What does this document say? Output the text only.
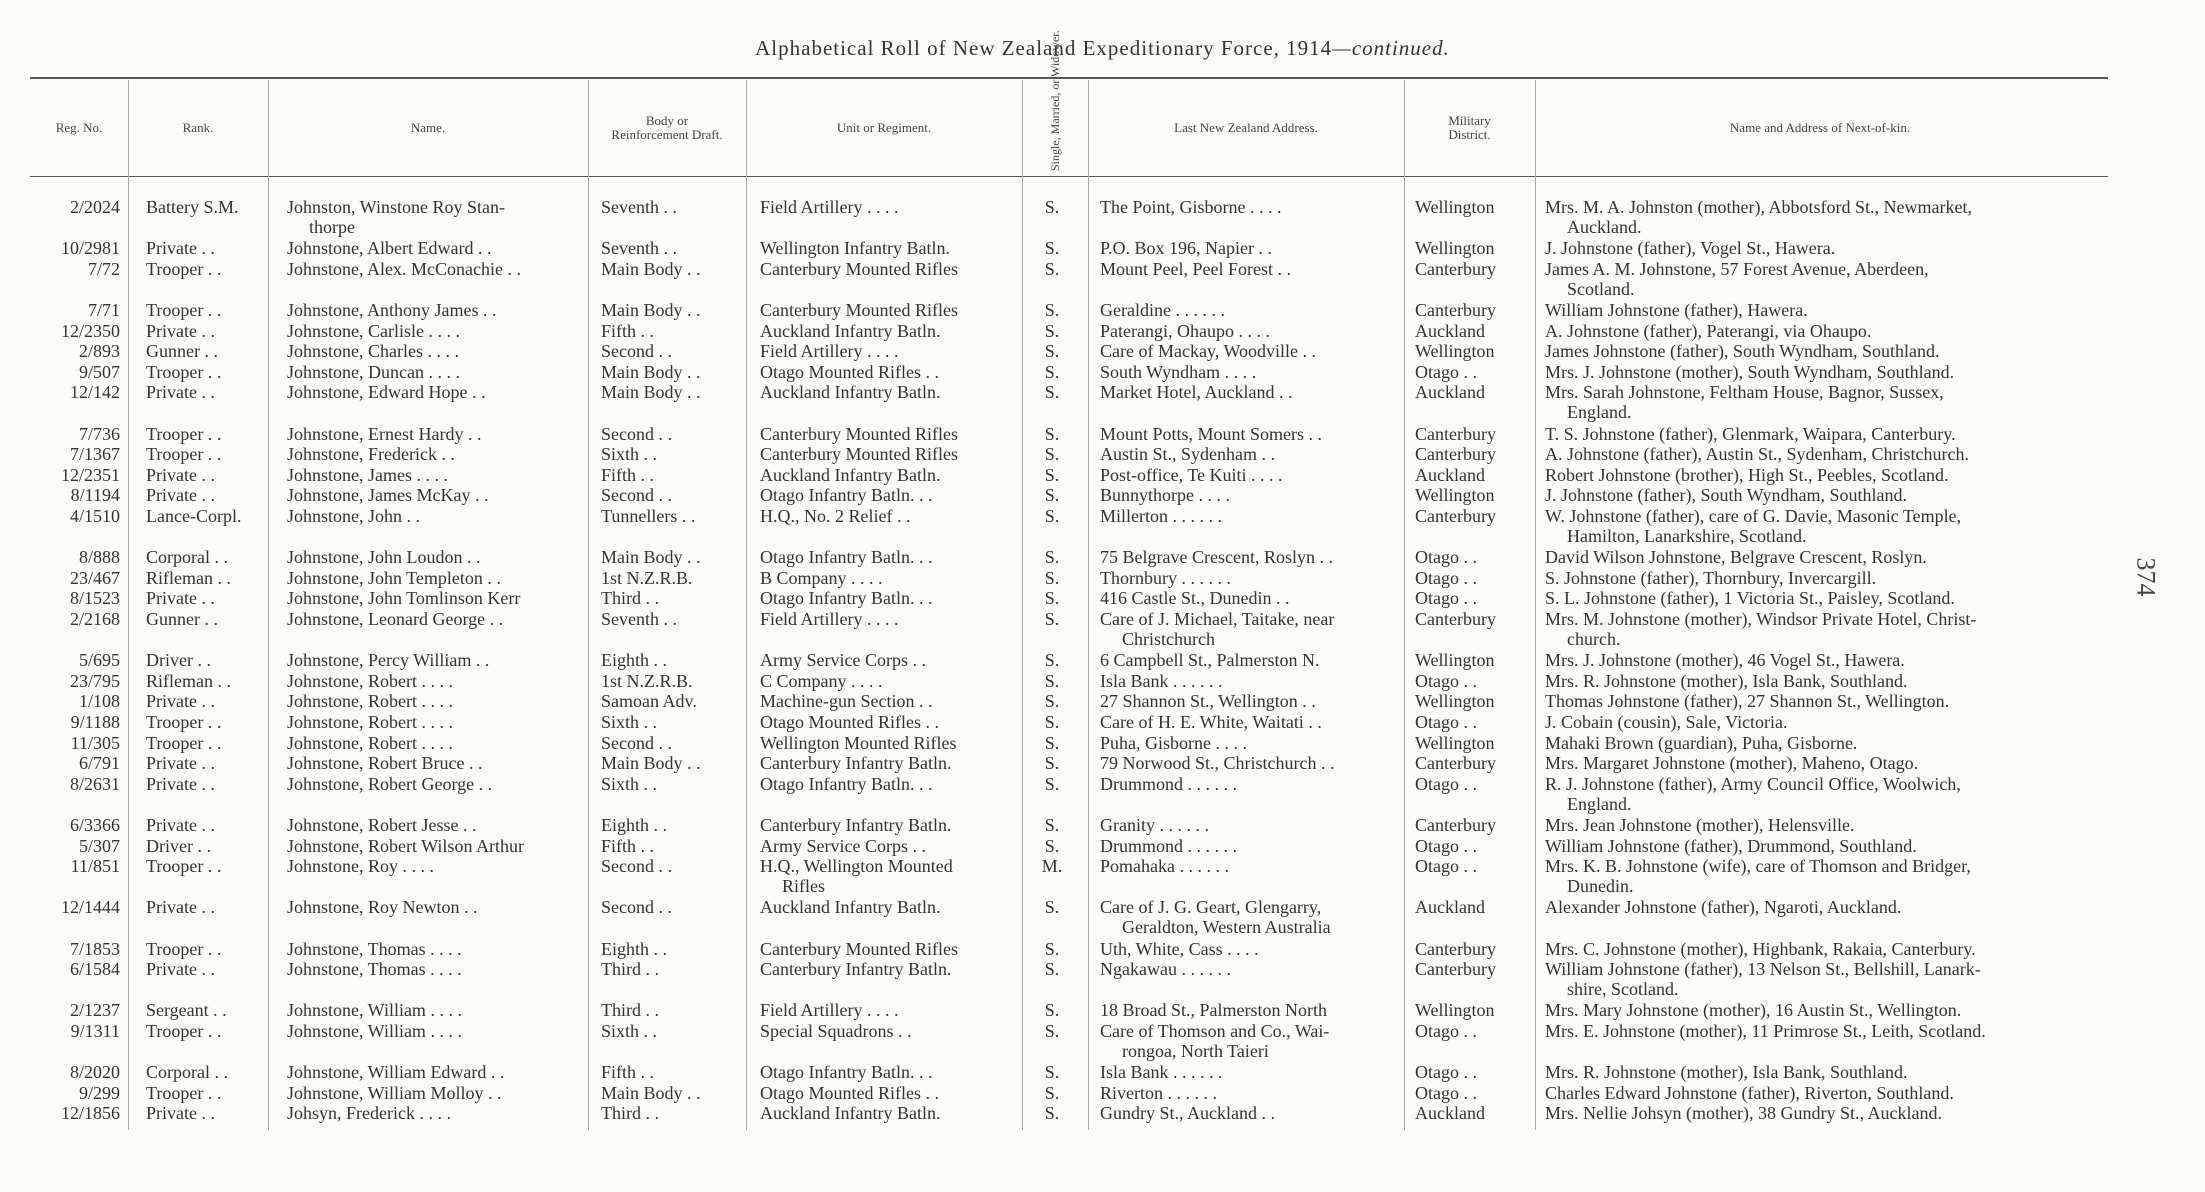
Alphabetical Roll of New Zealand Expeditionary Force, 1914—continued.
Reg. No.	Rank.	Name.	Body or Reinforcement Draft.	Unit or Regiment.	Single, Married, or Widower.	Last New Zealand Address.	Military District.	Name and Address of Next-of-kin.
2/2024 Battery S.M.	Johnston, Winstone Roy Stan-
thorpe
Seventh . .	Field Artillery . . . .	S.	The Point, Gisborne . . . .	Wellington	Mrs. M. A. Johnston (mother), Abbotsford St., Newmarket,
Auckland.
10/2981 Private . .	Johnstone, Albert Edward . .	Seventh . .	Wellington Infantry Batln.	S.	P.O. Box 196, Napier . .	Wellington	J. Johnstone (father), Vogel St., Hawera.
7/72 Trooper . .	Johnstone, Alex. McConachie . .	Main Body . .	Canterbury Mounted Rifles	S.	Mount Peel, Peel Forest . .	Canterbury	James A. M. Johnstone, 57 Forest Avenue, Aberdeen,
Scotland.
7/71 Trooper . .	Johnstone, Anthony James . .	Main Body . .	Canterbury Mounted Rifles	S.	Geraldine . . . . . .	Canterbury	William Johnstone (father), Hawera.
12/2350 Private . .	Johnstone, Carlisle . . . .	Fifth . .	Auckland Infantry Batln.	S.	Paterangi, Ohaupo . . . .	Auckland	A. Johnstone (father), Paterangi, via Ohaupo.
2/893 Gunner . .	Johnstone, Charles . . . .	Second . .	Field Artillery . . . .	S.	Care of Mackay, Woodville . .	Wellington	James Johnstone (father), South Wyndham, Southland.
9/507 Trooper . .	Johnstone, Duncan . . . .	Main Body . .	Otago Mounted Rifles . .	S.	South Wyndham . . . .	Otago . .	Mrs. J. Johnstone (mother), South Wyndham, Southland.
12/142 Private . .	Johnstone, Edward Hope . .	Main Body . .	Auckland Infantry Batln.	S.	Market Hotel, Auckland . .	Auckland	Mrs. Sarah Johnstone, Feltham House, Bagnor, Sussex,
England.
7/736 Trooper . .	Johnstone, Ernest Hardy . .	Second . .	Canterbury Mounted Rifles	S.	Mount Potts, Mount Somers . .	Canterbury	T. S. Johnstone (father), Glenmark, Waipara, Canterbury.
7/1367 Trooper . .	Johnstone, Frederick . .	Sixth . .	Canterbury Mounted Rifles	S.	Austin St., Sydenham . .	Canterbury	A. Johnstone (father), Austin St., Sydenham, Christchurch.
12/2351 Private . .	Johnstone, James . . . .	Fifth . .	Auckland Infantry Batln.	S.	Post-office, Te Kuiti . . . .	Auckland	Robert Johnstone (brother), High St., Peebles, Scotland.
8/1194 Private . .	Johnstone, James McKay . .	Second . .	Otago Infantry Batln. . .	S.	Bunnythorpe . . . .	Wellington	J. Johnstone (father), South Wyndham, Southland.
4/1510 Lance-Corpl.	Johnstone, John . .	Tunnellers . .	H.Q., No. 2 Relief . .	S.	Millerton . . . . . .	Canterbury	W. Johnstone (father), care of G. Davie, Masonic Temple,
Hamilton, Lanarkshire, Scotland.
8/888 Corporal . .	Johnstone, John Loudon . .	Main Body . .	Otago Infantry Batln. . .	S.	75 Belgrave Crescent, Roslyn . .	Otago . .	David Wilson Johnstone, Belgrave Crescent, Roslyn.
23/467 Rifleman . .	Johnstone, John Templeton . .	1st N.Z.R.B.	B Company . . . .	S.	Thornbury . . . . . .	Otago . .	S. Johnstone (father), Thornbury, Invercargill.
8/1523 Private . .	Johnstone, John Tomlinson Kerr	Third . .	Otago Infantry Batln. . .	S.	416 Castle St., Dunedin . .	Otago . .	S. L. Johnstone (father), 1 Victoria St., Paisley, Scotland.
2/2168 Gunner . .	Johnstone, Leonard George . .	Seventh . .	Field Artillery . . . .	S.	Care of J. Michael, Taitake, near
Christchurch
Canterbury	Mrs. M. Johnstone (mother), Windsor Private Hotel, Christ-
church.
5/695 Driver . .	Johnstone, Percy William . .	Eighth . .	Army Service Corps . .	S.	6 Campbell St., Palmerston N.	Wellington	Mrs. J. Johnstone (mother), 46 Vogel St., Hawera.
23/795 Rifleman . .	Johnstone, Robert . . . .	1st N.Z.R.B.	C Company . . . .	S.	Isla Bank . . . . . .	Otago . .	Mrs. R. Johnstone (mother), Isla Bank, Southland.
1/108 Private . .	Johnstone, Robert . . . .	Samoan Adv.	Machine-gun Section . .	S.	27 Shannon St., Wellington . .	Wellington	Thomas Johnstone (father), 27 Shannon St., Wellington.
9/1188 Trooper . .	Johnstone, Robert . . . .	Sixth . .	Otago Mounted Rifles . .	S.	Care of H. E. White, Waitati . .	Otago . .	J. Cobain (cousin), Sale, Victoria.
11/305 Trooper . .	Johnstone, Robert . . . .	Second . .	Wellington Mounted Rifles	S.	Puha, Gisborne . . . .	Wellington	Mahaki Brown (guardian), Puha, Gisborne.
6/791 Private . .	Johnstone, Robert Bruce . .	Main Body . .	Canterbury Infantry Batln.	S.	79 Norwood St., Christchurch . .	Canterbury	Mrs. Margaret Johnstone (mother), Maheno, Otago.
8/2631 Private . .	Johnstone, Robert George . .	Sixth . .	Otago Infantry Batln. . .	S.	Drummond . . . . . .	Otago . .	R. J. Johnstone (father), Army Council Office, Woolwich,
England.
6/3366 Private . .	Johnstone, Robert Jesse . .	Eighth . .	Canterbury Infantry Batln.	S.	Granity . . . . . .	Canterbury	Mrs. Jean Johnstone (mother), Helensville.
5/307 Driver . .	Johnstone, Robert Wilson Arthur	Fifth . .	Army Service Corps . .	S.	Drummond . . . . . .	Otago . .	William Johnstone (father), Drummond, Southland.
11/851 Trooper . .	Johnstone, Roy . . . .	Second . .	H.Q., Wellington Mounted
Rifles
M.	Pomahaka . . . . . .	Otago . .	Mrs. K. B. Johnstone (wife), care of Thomson and Bridger,
Dunedin.
12/1444 Private . .	Johnstone, Roy Newton . .	Second . .	Auckland Infantry Batln.	S.	Care of J. G. Geart, Glengarry,
Geraldton, Western Australia
Auckland	Alexander Johnstone (father), Ngaroti, Auckland.
7/1853 Trooper . .	Johnstone, Thomas . . . .	Eighth . .	Canterbury Mounted Rifles	S.	Uth, White, Cass . . . .	Canterbury	Mrs. C. Johnstone (mother), Highbank, Rakaia, Canterbury.
6/1584 Private . .	Johnstone, Thomas . . . .	Third . .	Canterbury Infantry Batln.	S.	Ngakawau . . . . . .	Canterbury	William Johnstone (father), 13 Nelson St., Bellshill, Lanark-
shire, Scotland.
2/1237 Sergeant . .	Johnstone, William . . . .	Third . .	Field Artillery . . . .	S.	18 Broad St., Palmerston North	Wellington	Mrs. Mary Johnstone (mother), 16 Austin St., Wellington.
9/1311 Trooper . .	Johnstone, William . . . .	Sixth . .	Special Squadrons . .	S.	Care of Thomson and Co., Wai-
rongoa, North Taieri
Otago . .	Mrs. E. Johnstone (mother), 11 Primrose St., Leith, Scotland.
8/2020 Corporal . .	Johnstone, William Edward . .	Fifth . .	Otago Infantry Batln. . .	S.	Isla Bank . . . . . .	Otago . .	Mrs. R. Johnstone (mother), Isla Bank, Southland.
9/299 Trooper . .	Johnstone, William Molloy . .	Main Body . .	Otago Mounted Rifles . .	S.	Riverton . . . . . .	Otago . .	Charles Edward Johnstone (father), Riverton, Southland.
12/1856 Private . .	Johsyn, Frederick . . . .	Third . .	Auckland Infantry Batln.	S.	Gundry St., Auckland . .	Auckland	Mrs. Nellie Johsyn (mother), 38 Gundry St., Auckland.
374
